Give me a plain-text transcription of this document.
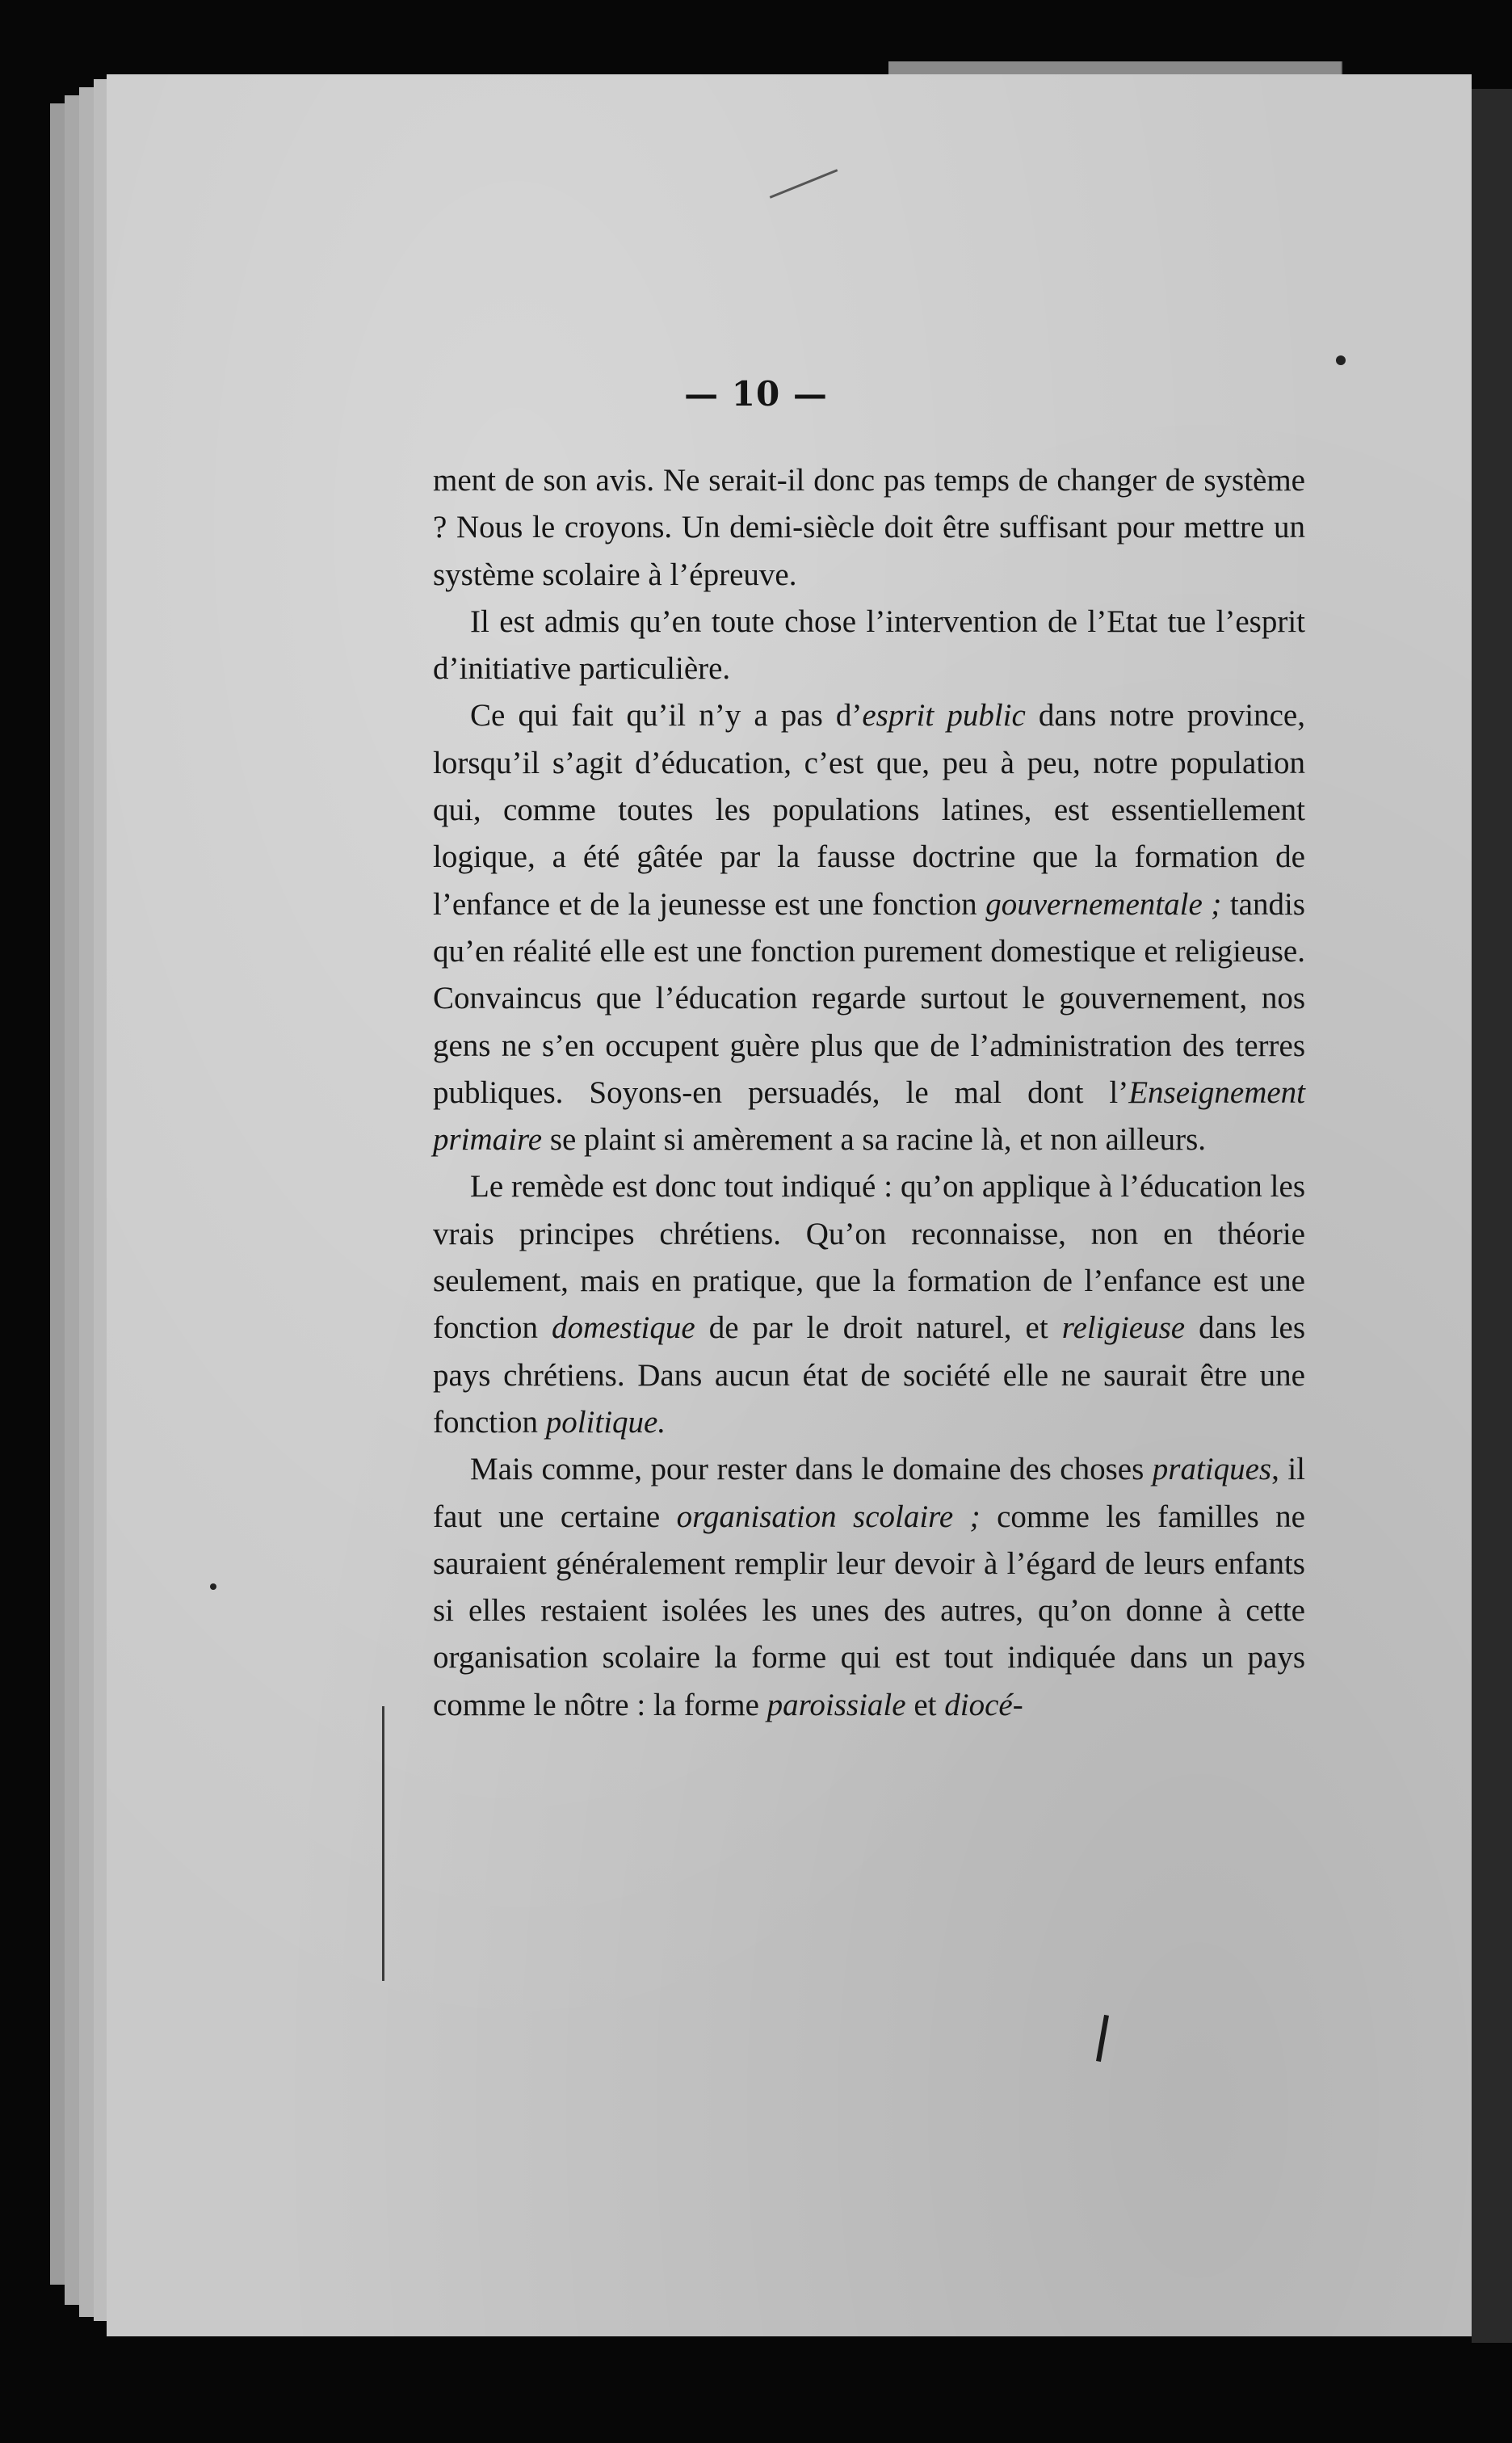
— 10 —

ment de son avis. Ne serait-il donc pas temps de changer de système ? Nous le croyons. Un demi-siècle doit être suffisant pour mettre un système scolaire à l’épreuve.

Il est admis qu’en toute chose l’intervention de l’Etat tue l’esprit d’initiative particulière.

Ce qui fait qu’il n’y a pas d’esprit public dans notre province, lorsqu’il s’agit d’éducation, c’est que, peu à peu, notre population qui, comme toutes les populations latines, est essentiellement logique, a été gâtée par la fausse doctrine que la formation de l’enfance et de la jeunesse est une fonction gouvernementale ; tandis qu’en réalité elle est une fonction purement domestique et religieuse. Convaincus que l’éducation regarde surtout le gouvernement, nos gens ne s’en occupent guère plus que de l’administration des terres publiques. Soyons-en persuadés, le mal dont l’Enseignement primaire se plaint si amèrement a sa racine là, et non ailleurs.

Le remède est donc tout indiqué : qu’on applique à l’éducation les vrais principes chrétiens. Qu’on reconnaisse, non en théorie seulement, mais en pratique, que la formation de l’enfance est une fonction domestique de par le droit naturel, et religieuse dans les pays chrétiens. Dans aucun état de société elle ne saurait être une fonction politique.

Mais comme, pour rester dans le domaine des choses pratiques, il faut une certaine organisation scolaire ; comme les familles ne sauraient généralement remplir leur devoir à l’égard de leurs enfants si elles restaient isolées les unes des autres, qu’on donne à cette organisation scolaire la forme qui est tout indiquée dans un pays comme le nôtre : la forme paroissiale et diocé-
